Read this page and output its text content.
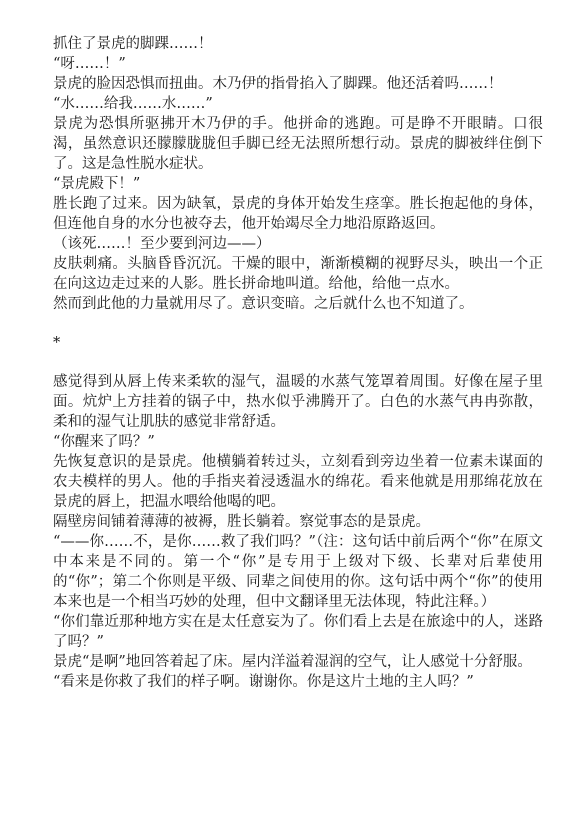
抓住了景虎的脚踝……！

“呀……！”

景虎的脸因恐惧而扭曲。木乃伊的指骨掐入了脚踝。他还活着吗……！

“水……给我……水……”

景虎为恐惧所驱拂开木乃伊的手。他拼命的逃跑。可是睁不开眼睛。口很渴，虽然意识还朦朦胧胧但手脚已经无法照所想行动。景虎的脚被绊住倒下了。这是急性脱水症状。

“景虎殿下！”

胜长跑了过来。因为缺氧，景虎的身体开始发生痉挛。胜长抱起他的身体，但连他自身的水分也被夺去，他开始竭尽全力地沿原路返回。

（该死……！至少要到河边——）

皮肤刺痛。头脑昏昏沉沉。干燥的眼中，渐渐模糊的视野尽头，映出一个正在向这边走过来的人影。胜长拼命地叫道。给他，给他一点水。

然而到此他的力量就用尽了。意识变暗。之后就什么也不知道了。

*

感觉得到从唇上传来柔软的湿气，温暖的水蒸气笼罩着周围。好像在屋子里面。炕炉上方挂着的锅子中，热水似乎沸腾开了。白色的水蒸气冉冉弥散，柔和的湿气让肌肤的感觉非常舒适。

“你醒来了吗？”

先恢复意识的是景虎。他横躺着转过头，立刻看到旁边坐着一位素未谋面的农夫模样的男人。他的手指夹着浸透温水的绵花。看来他就是用那绵花放在景虎的唇上，把温水喂给他喝的吧。

隔壁房间铺着薄薄的被褥，胜长躺着。察觉事态的是景虎。

“——你……不，是你……救了我们吗？”（注：这句话中前后两个“你”在原文中本来是不同的。第一个“你”是专用于上级对下级、长辈对后辈使用的“你”；第二个你则是平级、同辈之间使用的你。这句话中两个“你”的使用本来也是一个相当巧妙的处理，但中文翻译里无法体现，特此注释。）

“你们靠近那种地方实在是太任意妄为了。你们看上去是在旅途中的人，迷路了吗？”

景虎“是啊”地回答着起了床。屋内洋溢着湿润的空气，让人感觉十分舒服。

“看来是你救了我们的样子啊。谢谢你。你是这片土地的主人吗？”
